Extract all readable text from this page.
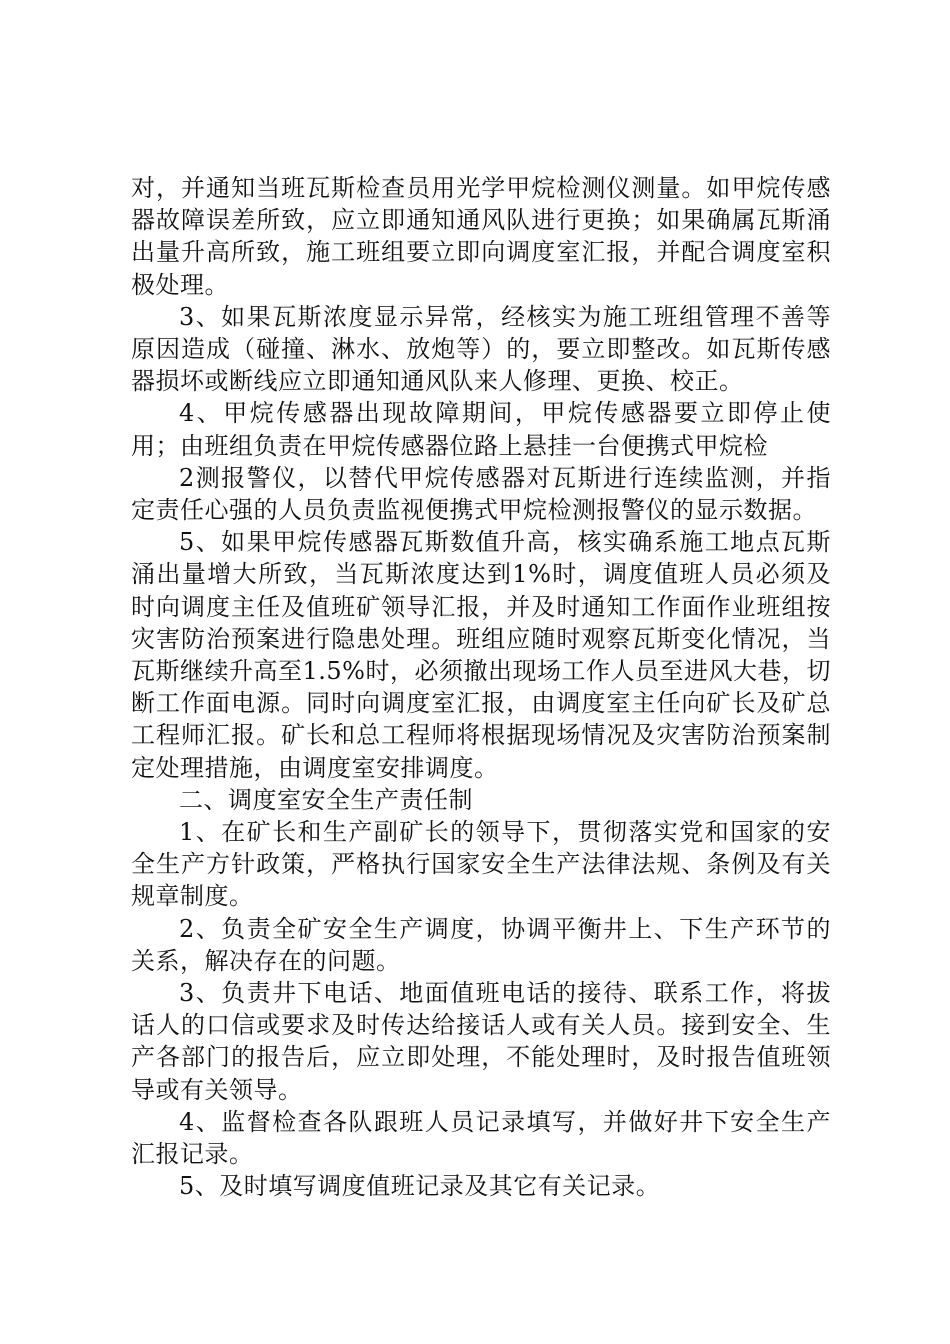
对，并通知当班瓦斯检查员用光学甲烷检测仪测量。如甲烷传感器故障误差所致，应立即通知通风队进行更换；如果确属瓦斯涌出量升高所致，施工班组要立即向调度室汇报，并配合调度室积极处理。

3、如果瓦斯浓度显示异常，经核实为施工班组管理不善等原因造成（碰撞、淋水、放炮等）的，要立即整改。如瓦斯传感器损坏或断线应立即通知通风队来人修理、更换、校正。

4、甲烷传感器出现故障期间，甲烷传感器要立即停止使用；由班组负责在甲烷传感器位路上悬挂一台便携式甲烷检

2测报警仪，以替代甲烷传感器对瓦斯进行连续监测，并指定责任心强的人员负责监视便携式甲烷检测报警仪的显示数据。

5、如果甲烷传感器瓦斯数值升高，核实确系施工地点瓦斯涌出量增大所致，当瓦斯浓度达到1%时，调度值班人员必须及时向调度主任及值班矿领导汇报，并及时通知工作面作业班组按灾害防治预案进行隐患处理。班组应随时观察瓦斯变化情况，当瓦斯继续升高至1.5%时，必须撤出现场工作人员至进风大巷，切断工作面电源。同时向调度室汇报，由调度室主任向矿长及矿总工程师汇报。矿长和总工程师将根据现场情况及灾害防治预案制定处理措施，由调度室安排调度。

二、调度室安全生产责任制

1、在矿长和生产副矿长的领导下，贯彻落实党和国家的安全生产方针政策，严格执行国家安全生产法律法规、条例及有关规章制度。

2、负责全矿安全生产调度，协调平衡井上、下生产环节的关系，解决存在的问题。

3、负责井下电话、地面值班电话的接待、联系工作，将拔话人的口信或要求及时传达给接话人或有关人员。接到安全、生产各部门的报告后，应立即处理，不能处理时，及时报告值班领导或有关领导。

4、监督检查各队跟班人员记录填写，并做好井下安全生产汇报记录。

5、及时填写调度值班记录及其它有关记录。
